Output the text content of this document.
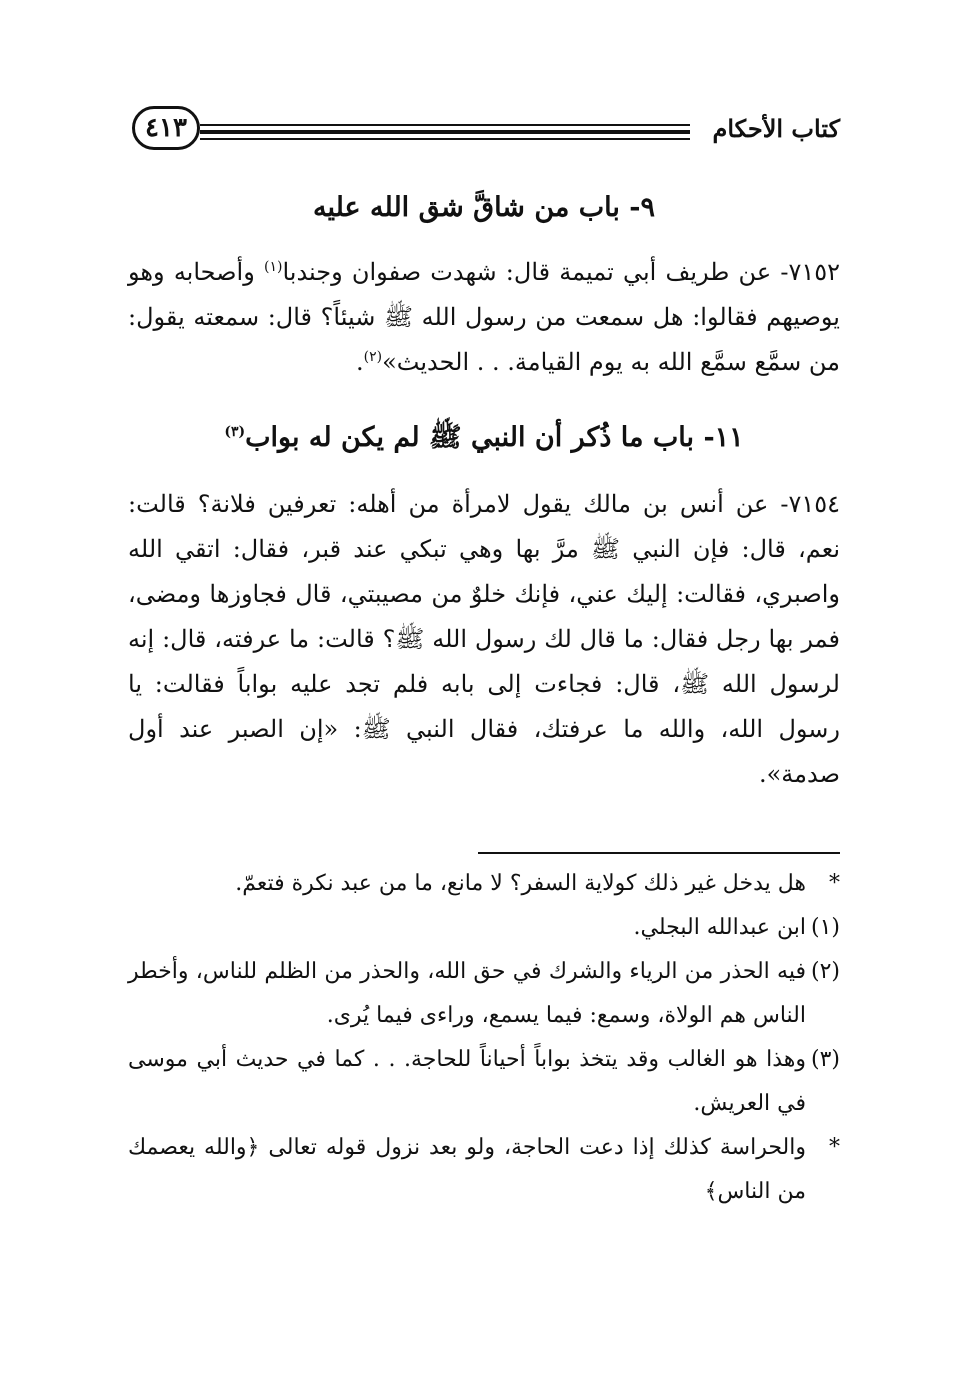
كتاب الأحكام
٤١٣
٩- باب من شاقَّ شق الله عليه

٧١٥٢- عن طريف أبي تميمة قال: شهدت صفوان وجندبا$^{(١)}$ وأصحابه وهو يوصيهم فقالوا: هل سمعت من رسول الله ﷺ شيئاً؟ قال: سمعته يقول: من سمَّع سمَّع الله به يوم القيامة. . . الحديث»$^{(٢)}$.

١١- باب ما ذُكر أن النبي ﷺ لم يكن له بواب$^{(٣)}$

٧١٥٤- عن أنس بن مالك يقول لامرأة من أهله: تعرفين فلانة؟ قالت: نعم، قال: فإن النبي ﷺ مرَّ بها وهي تبكي عند قبر، فقال: اتقي الله واصبري، فقالت: إليك عني، فإنك خلوٌ من مصيبتي، قال فجاوزها ومضى، فمر بها رجل فقال: ما قال لك رسول الله ﷺ؟ قالت: ما عرفته، قال: إنه لرسول الله ﷺ، قال: فجاءت إلى بابه فلم تجد عليه بواباً فقالت: يا رسول الله، والله ما عرفتك، فقال النبي ﷺ: «إن الصبر عند أول صدمة».

*
هل يدخل غير ذلك كولاية السفر؟ لا مانع، ما من عبد نكرة فتعمّ.
(١)
ابن عبدالله البجلي.
(٢)
فيه الحذر من الرياء والشرك في حق الله، والحذر من الظلم للناس، وأخطر الناس هم الولاة، وسمع: فيما يسمع، وراءى فيما يُرى.
(٣)
وهذا هو الغالب وقد يتخذ بواباً أحياناً للحاجة. . . كما في حديث أبي موسى في العريش.
*
والحراسة كذلك إذا دعت الحاجة، ولو بعد نزول قوله تعالى ﴿والله يعصمك من الناس﴾
